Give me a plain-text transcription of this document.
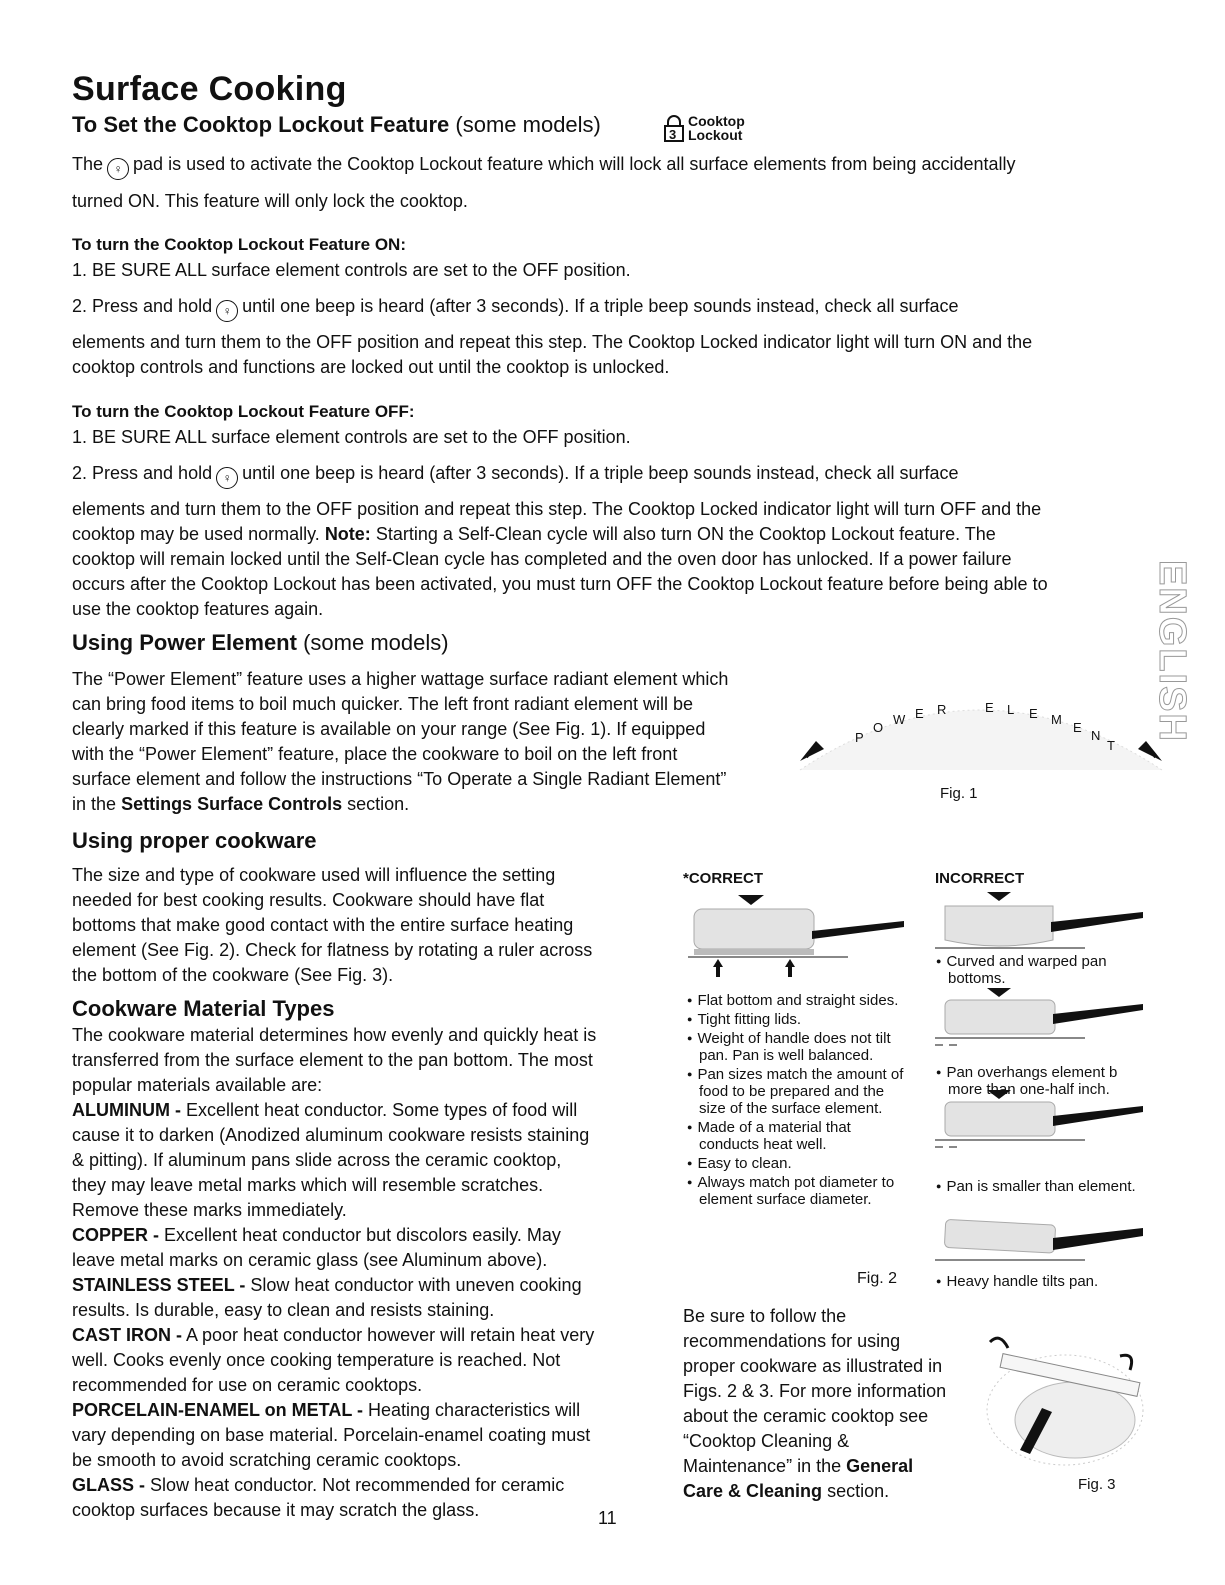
Surface Cooking
To Set the Cooktop Lockout Feature (some models)	3
Cooktop
Lockout
The ♀ pad is used to activate the Cooktop Lockout feature which will lock all surface elements from being accidentally
turned ON. This feature will only lock the cooktop.
To turn the Cooktop Lockout Feature ON:
1. BE SURE ALL surface element controls are set to the OFF position.
2. Press and hold ♀ until one beep is heard (after 3 seconds). If a triple beep sounds instead, check all surface
elements and turn them to the OFF position and repeat this step. The Cooktop Locked indicator light will turn ON and the
cooktop controls and functions are locked out until the cooktop is unlocked.
To turn the Cooktop Lockout Feature OFF:
1. BE SURE ALL surface element controls are set to the OFF position.
2. Press and hold ♀ until one beep is heard (after 3 seconds). If a triple beep sounds instead, check all surface
elements and turn them to the OFF position and repeat this step. The Cooktop Locked indicator light will turn OFF and the
cooktop may be used normally. Note: Starting a Self-Clean cycle will also turn ON the Cooktop Lockout feature. The
cooktop will remain locked until the Self-Clean cycle has completed and the oven door has unlocked. If a power failure
occurs after the Cooktop Lockout has been activated, you must turn OFF the Cooktop Lockout feature before being able to
use the cooktop features again.
Using Power Element (some models)
The “Power Element” feature uses a higher wattage surface radiant element which
can bring food items to boil much quicker. The left front radiant element will be
clearly marked if this feature is available on your range (See Fig. 1). If equipped
with the “Power Element” feature, place the cookware to boil on the left front
surface element and follow the instructions “To Operate a Single Radiant Element”
in the Settings Surface Controls section.
P
O
W E R	E L E M
E
N
T
Fig. 1
Using proper cookware
The size and type of cookware used will influence the setting
needed for best cooking results. Cookware should have flat
bottoms that make good contact with the entire surface heating
element (See Fig. 2). Check for flatness by rotating a ruler across
the bottom of the cookware (See Fig. 3).
Cookware Material Types
The cookware material determines how evenly and quickly heat is
transferred from the surface element to the pan bottom. The most
popular materials available are:
ALUMINUM - Excellent heat conductor. Some types of food will
cause it to darken (Anodized aluminum cookware resists staining
& pitting). If aluminum pans slide across the ceramic cooktop,
they may leave metal marks which will resemble scratches.
Remove these marks immediately.
COPPER - Excellent heat conductor but discolors easily. May
leave metal marks on ceramic glass (see Aluminum above).
STAINLESS STEEL - Slow heat conductor with uneven cooking
results. Is durable, easy to clean and resists staining.
CAST IRON - A poor heat conductor however will retain heat very
well. Cooks evenly once cooking temperature is reached. Not
recommended for use on ceramic cooktops.
PORCELAIN-ENAMEL on METAL - Heating characteristics will
vary depending on base material. Porcelain-enamel coating must
be smooth to avoid scratching ceramic cooktops.
GLASS - Slow heat conductor. Not recommended for ceramic
cooktop surfaces because it may scratch the glass.
*CORRECT
● Flat bottom and straight sides.
● Tight fitting lids.
● Weight of handle does not tilt pan. Pan is well balanced.
● Pan sizes match the amount of food to be prepared and the size of the surface element.
● Made of a material that conducts heat well.
● Easy to clean.
● Always match pot diameter to element surface diameter.
Fig. 2
INCORRECT
● Curved and warped pan bottoms.
● Pan overhangs element b more than one-half inch.
● Pan is smaller than element.
● Heavy handle tilts pan.
Be sure to follow the
recommendations for using
proper cookware as illustrated in
Figs. 2 & 3. For more information
about the ceramic cooktop see
“Cooktop Cleaning &
Maintenance” in the General
Care & Cleaning section.	Fig. 3
ENGLISH
11
